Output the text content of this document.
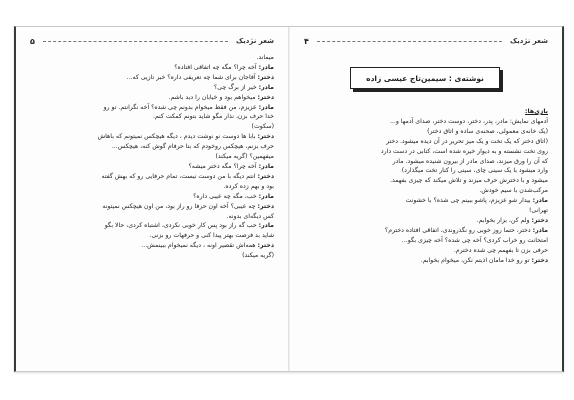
۵	شعر نژدیک
میماند.
مادر: آخه چرا؟ مگه چه اتفاقی افتاده؟
دختر: آقاجان برای شما چه تعریفی داره؟ خبر تازیی که...
مادر: خیر از برگ چی؟
دختر: میخواهم بود و خیابان را دید باشم.
مادر: عزیزم، من فقط میخوام بدونم چی شده؟ آخه نگرانتم. تو رو
خدا حرف بزن، نذار مگو شاید بتونم کمکت کنم.
(سکوت)
دختر: بابا ها دوست نو نوشت دیدم ، دیگه هیچکس نمیتونم که باهاش
حرف بزنم، هیچکس روخودم که بتا حرفام گوش کنه، هیچکس...
میفهمین؟ (گریه میکند)
مادر: آخه چرا؟ مگه دختر میشه؟
دختر: انتم دیگه با من دوست نیست، تمام حرفایی رو که بهش گفته
بود و بهم زده کرده.
مادر: خب، مگه چه عیبی داره؟
دختر: چه عیبی؟ آخه اون حرفا رو راز بود، من اون هیچکس نمیتونه
کس دیگه‌ای بدونه.
مادر: حب گه راز بود پس کار خوبی نکردی، اشتباه کردی، حالا بگو
شاید بد فرصت بهتر پیدا کنی و حرفهات رو بزنی.
دختر: همه‌اش تقصیر اونه ، دیگه نمیخوام ببینمش...
(گریه میکند)
۴	شعر نژدیک
نوشته‌ی : سیمین‌تاج عیسی زاده
بازی‌ها:
آدمهای نمایش: مادر، پدر، دختر، دوست دختر، صدای آدمها و...
(یک خانه‌ی معمولی، صحنه‌ی ساده و اتاق دختر)
(اتاق دختر که یک تخت و یک میز تحریر در آن دیده میشود. دختر
روی تخت نشسته و به دیوار خیره شده است، کتابی در دست دارد
که آن را ورق میزند، صدای مادر از بیرون شنیده میشود. مادر
وارد میشود با یک سینی چای، سینی را کنار تخت میگذارد)
میشود و با دخترش حرف میزند و تلاش میکند که چیزی بفهمد.
مرکب‌شدن با سیم خودش.
مادر: بیدار شو عزیزم، پاشو ببینم چی شده؟ با خشونت
تهرانی!
دختر: ولم کن، بزار بخوابم.
مادر: دختر، حتما روز خوبی رو نگذروندی، اتفاقی افتاده دخترم؟
امتحانت رو خراب کردی؟ آخه چی شده؟ آخه چیزی بگو...
حرفی بزن تا بفهمم چی شده دخترم.
دختر: تو رو خدا مامان اذیتم نکن، میخوام بخوابم.
